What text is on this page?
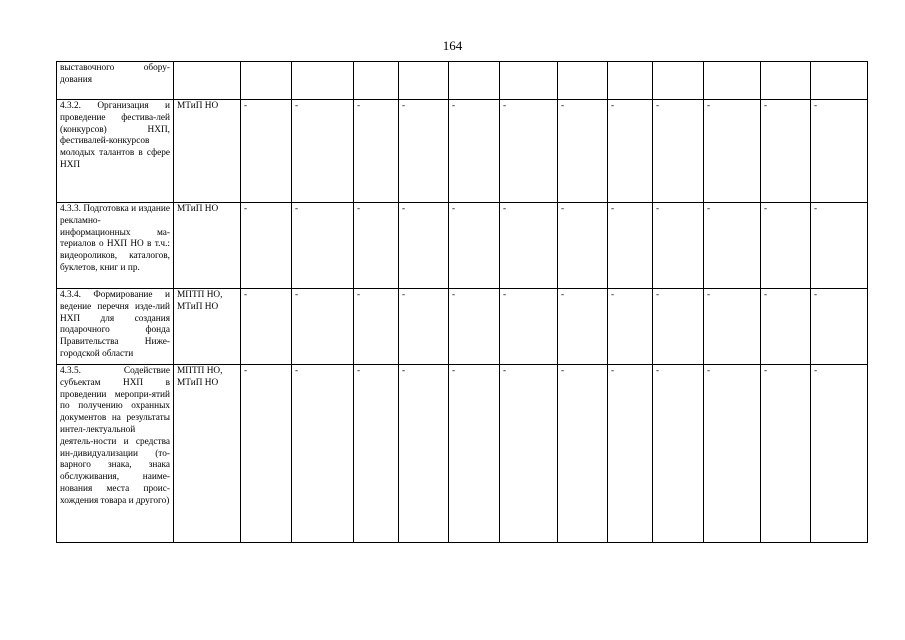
164
выставочного обору-дования													
4.3.2. Организация и проведение фестива-лей (конкурсов) НХП, фестивалей-конкурсов молодых талантов в сфере НХП	МТиП НО	-	-	-	-	-	-	-	-	-	-	-	-
4.3.3. Подготовка и издание рекламно-информационных ма-териалов о НХП НО в т.ч.: видеороликов, каталогов, буклетов, книг и пр.	МТиП НО	-	-	-	-	-	-	-	-	-	-	-	-
4.3.4. Формирование и ведение перечня изде-лий НХП для создания подарочного фонда Правительства Ниже-городской области	МПТП НО, МТиП НО	-	-	-	-	-	-	-	-	-	-	-	-
4.3.5. Содействие субъектам НХП в проведении меропри-ятий по получению охранных документов на результаты интел-лектуальной деятель-ности и средства ин-дивидуализации (то-варного знака, знака обслуживания, наиме-нования места проис-хождения товара и другого)	МПТП НО, МТиП НО	-	-	-	-	-	-	-	-	-	-	-	-
